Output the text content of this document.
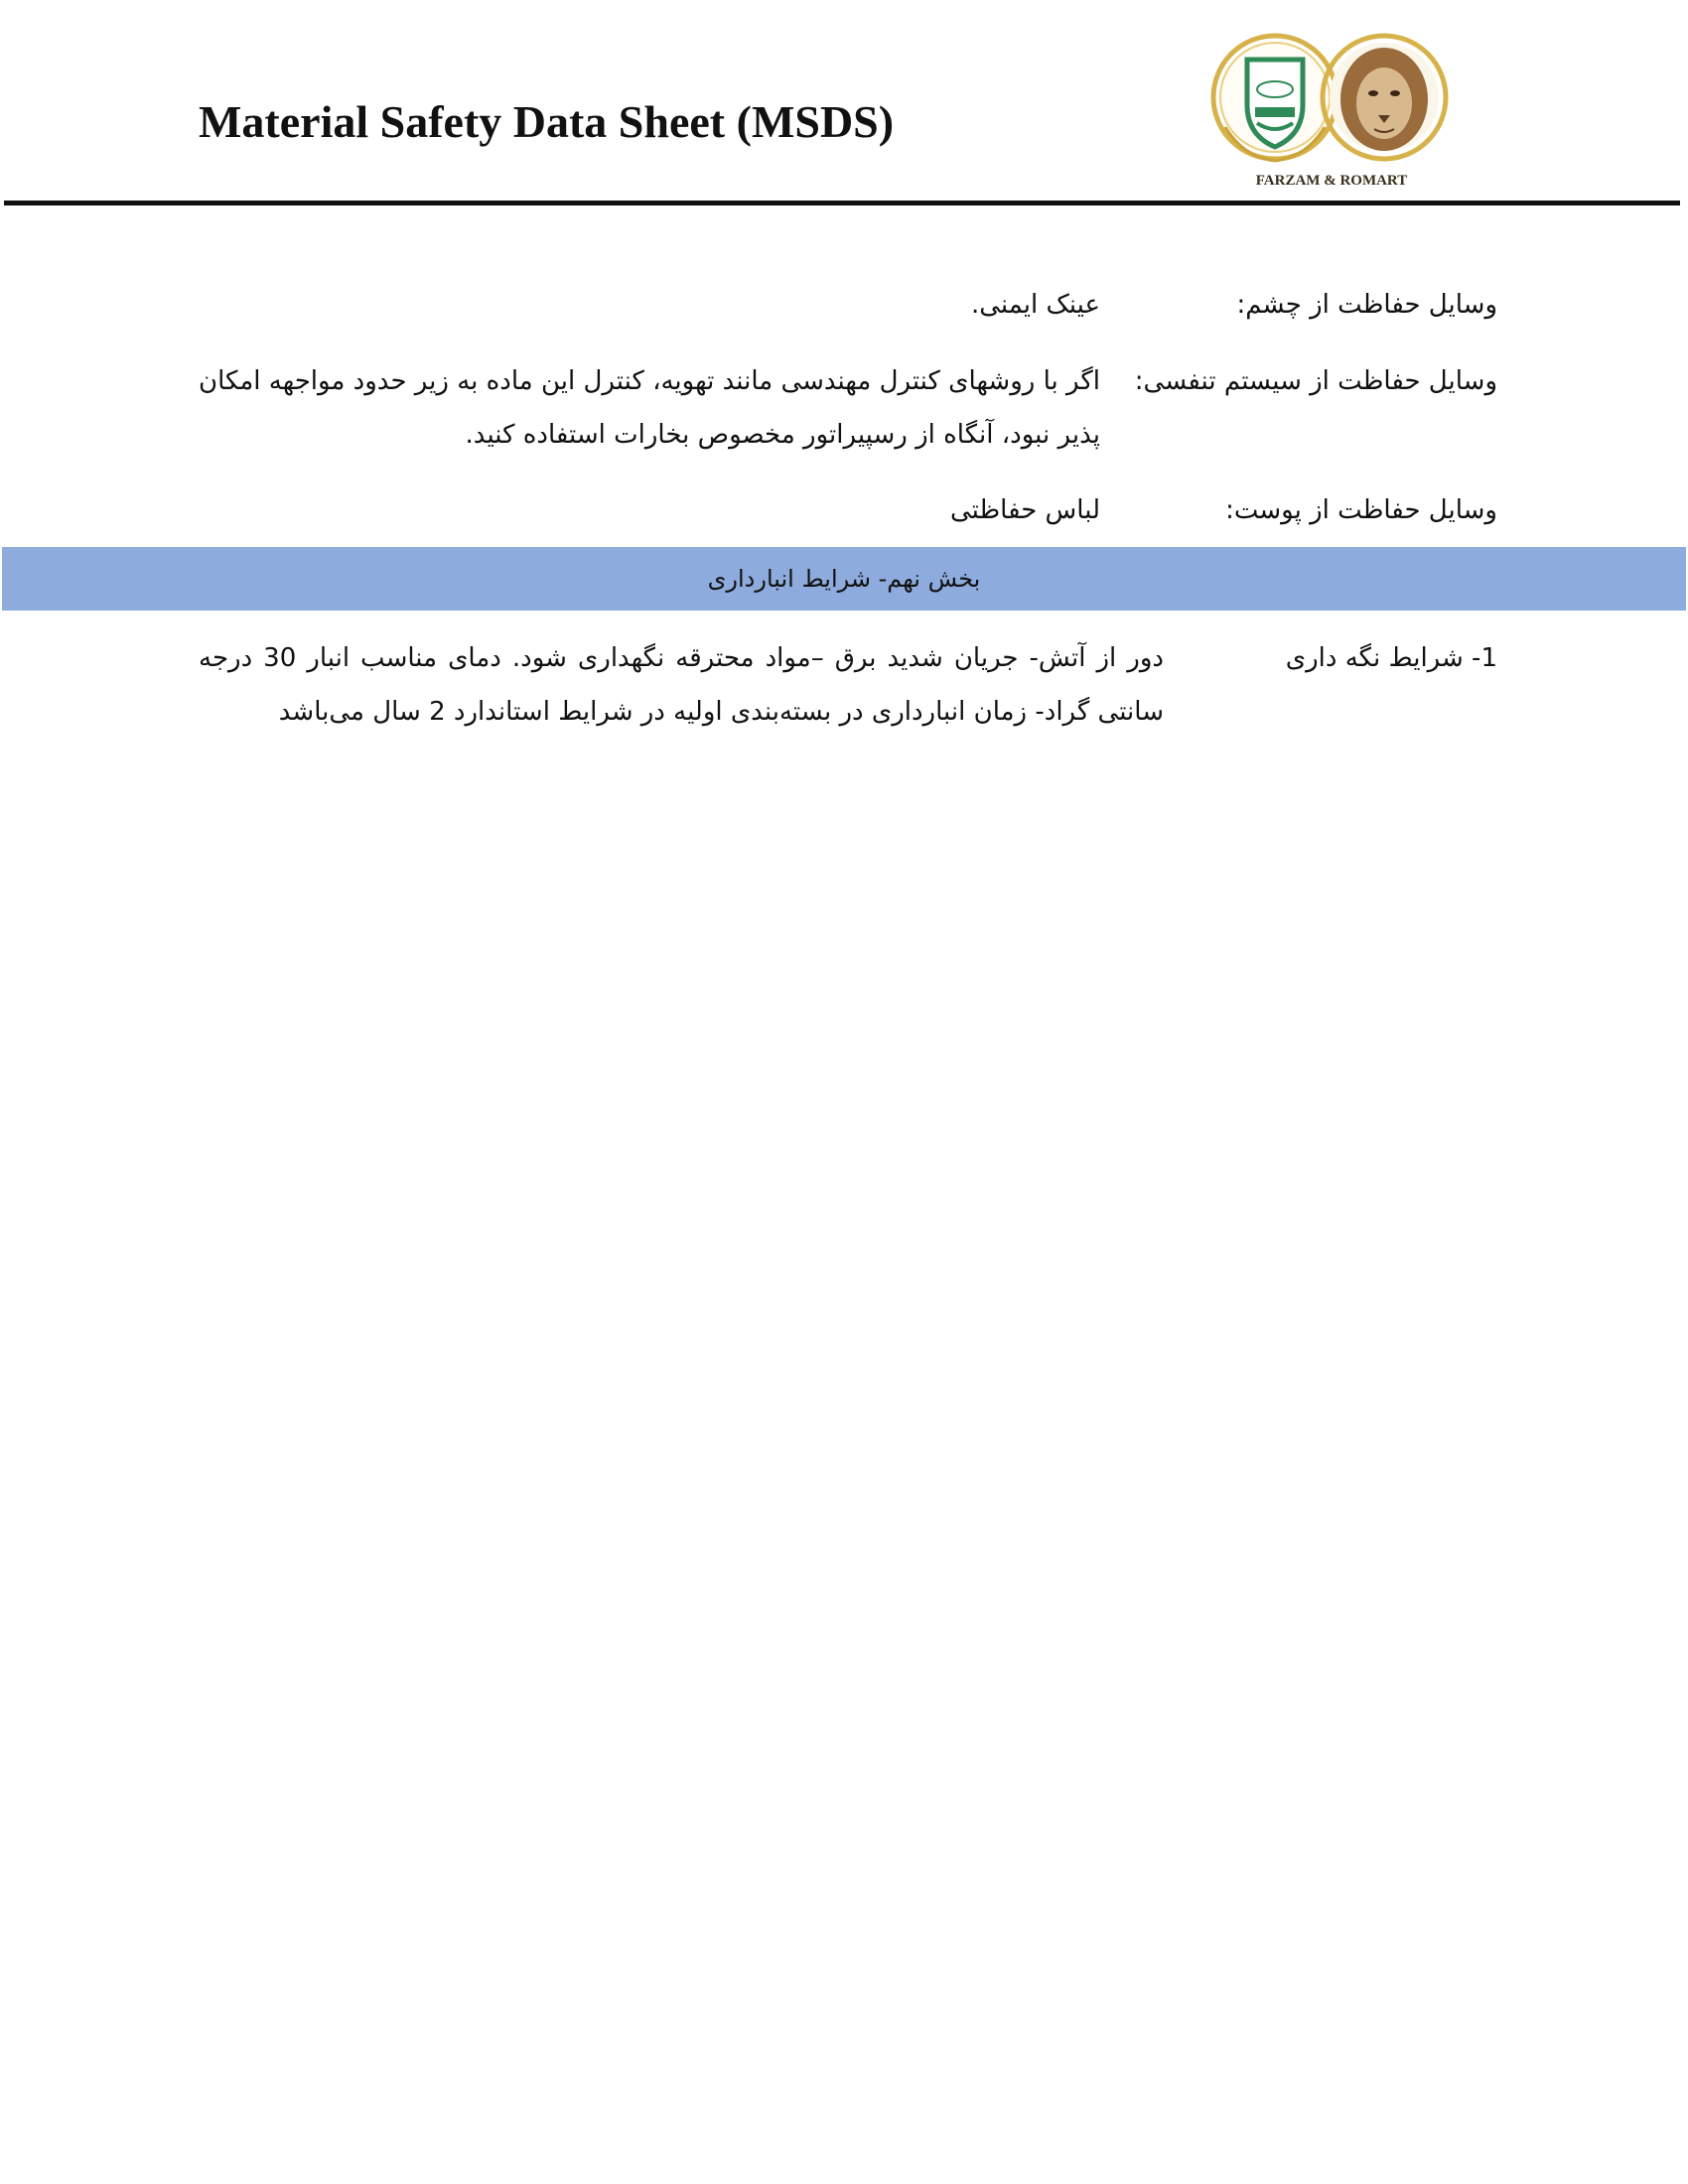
Material Safety Data Sheet (MSDS)
FARZAM & ROMART
وسایل حفاظت از چشم:
عینک ایمنی.
وسایل حفاظت از سیستم تنفسی:
اگر با روشهای کنترل مهندسی مانند تهویه، کنترل این ماده به زیر حدود مواجهه امکان پذیر نبود، آنگاه از رسپیراتور مخصوص بخارات استفاده کنید.
وسایل حفاظت از پوست:
لباس حفاظتی
بخش نهم- شرایط انبارداری
1- شرایط نگه داری
دور از آتش- جریان شدید برق –مواد محترقه نگهداری شود. دمای مناسب انبار 30 درجه سانتی گراد- زمان انبارداری در بسته‌بندی اولیه در شرایط استاندارد 2 سال می‌باشد
